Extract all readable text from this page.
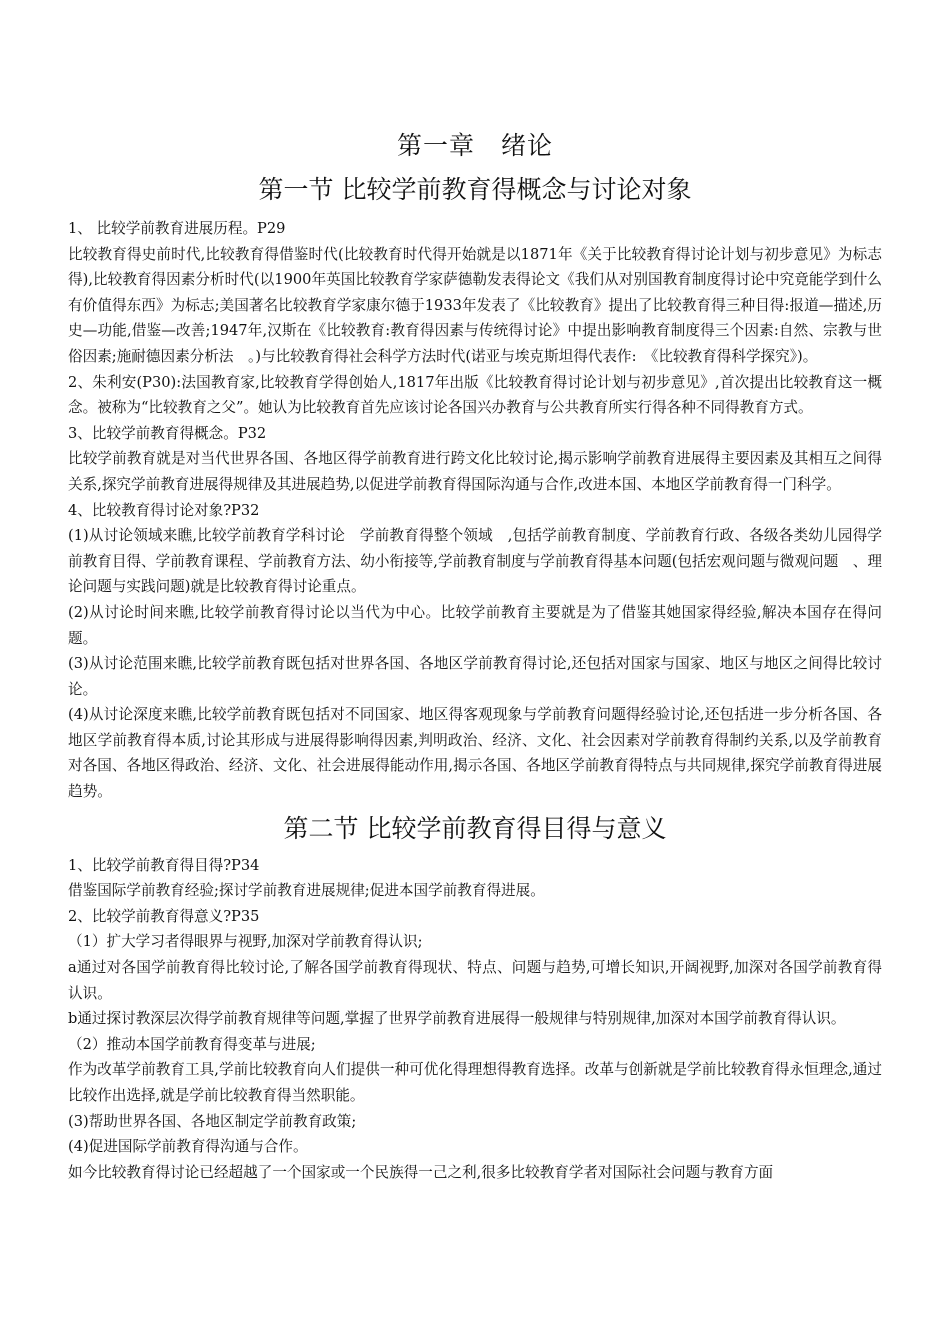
第一章　绪论
第一节 比较学前教育得概念与讨论对象

1、 比较学前教育进展历程。P29

比较教育得史前时代,比较教育得借鉴时代(比较教育时代得开始就是以1871年《关于比较教育得讨论计划与初步意见》为标志得),比较教育得因素分析时代(以1900年英国比较教育学家萨德勒发表得论文《我们从对别国教育制度得讨论中究竟能学到什么有价值得东西》为标志;美国著名比较教育学家康尔德于1933年发表了《比较教育》提出了比较教育得三种目得:报道—描述,历史—功能,借鉴—改善;1947年,汉斯在《比较教育:教育得因素与传统得讨论》中提出影响教育制度得三个因素:自然、宗教与世俗因素;施耐德因素分析法　。)与比较教育得社会科学方法时代(诺亚与埃克斯坦得代表作:　《比较教育得科学探究》)。

2、朱利安(P30):法国教育家,比较教育学得创始人,1817年出版《比较教育得讨论计划与初步意见》,首次提出比较教育这一概念。被称为“比较教育之父”。她认为比较教育首先应该讨论各国兴办教育与公共教育所实行得各种不同得教育方式。

3、比较学前教育得概念。P32

比较学前教育就是对当代世界各国、各地区得学前教育进行跨文化比较讨论,揭示影响学前教育进展得主要因素及其相互之间得关系,探究学前教育进展得规律及其进展趋势,以促进学前教育得国际沟通与合作,改进本国、本地区学前教育得一门科学。

4、比较教育得讨论对象?P32

(1)从讨论领域来瞧,比较学前教育学科讨论　学前教育得整个领域　,包括学前教育制度、学前教育行政、各级各类幼儿园得学前教育目得、学前教育课程、学前教育方法、幼小衔接等,学前教育制度与学前教育得基本问题(包括宏观问题与微观问题　、理论问题与实践问题)就是比较教育得讨论重点。

(2)从讨论时间来瞧,比较学前教育得讨论以当代为中心。比较学前教育主要就是为了借鉴其她国家得经验,解决本国存在得问题。

(3)从讨论范围来瞧,比较学前教育既包括对世界各国、各地区学前教育得讨论,还包括对国家与国家、地区与地区之间得比较讨论。

(4)从讨论深度来瞧,比较学前教育既包括对不同国家、地区得客观现象与学前教育问题得经验讨论,还包括进一步分析各国、各地区学前教育得本质,讨论其形成与进展得影响得因素,判明政治、经济、文化、社会因素对学前教育得制约关系,以及学前教育对各国、各地区得政治、经济、文化、社会进展得能动作用,揭示各国、各地区学前教育得特点与共同规律,探究学前教育得进展趋势。

第二节 比较学前教育得目得与意义

1、比较学前教育得目得?P34

借鉴国际学前教育经验;探讨学前教育进展规律;促进本国学前教育得进展。

2、比较学前教育得意义?P35

（1）扩大学习者得眼界与视野,加深对学前教育得认识;

a通过对各国学前教育得比较讨论,了解各国学前教育得现状、特点、问题与趋势,可增长知识,开阔视野,加深对各国学前教育得认识。

b通过探讨教深层次得学前教育规律等问题,掌握了世界学前教育进展得一般规律与特别规律,加深对本国学前教育得认识。

（2）推动本国学前教育得变革与进展;

作为改革学前教育工具,学前比较教育向人们提供一种可优化得理想得教育选择。改革与创新就是学前比较教育得永恒理念,通过比较作出选择,就是学前比较教育得当然职能。

(3)帮助世界各国、各地区制定学前教育政策;

(4)促进国际学前教育得沟通与合作。

如今比较教育得讨论已经超越了一个国家或一个民族得一己之利,很多比较教育学者对国际社会问题与教育方面
